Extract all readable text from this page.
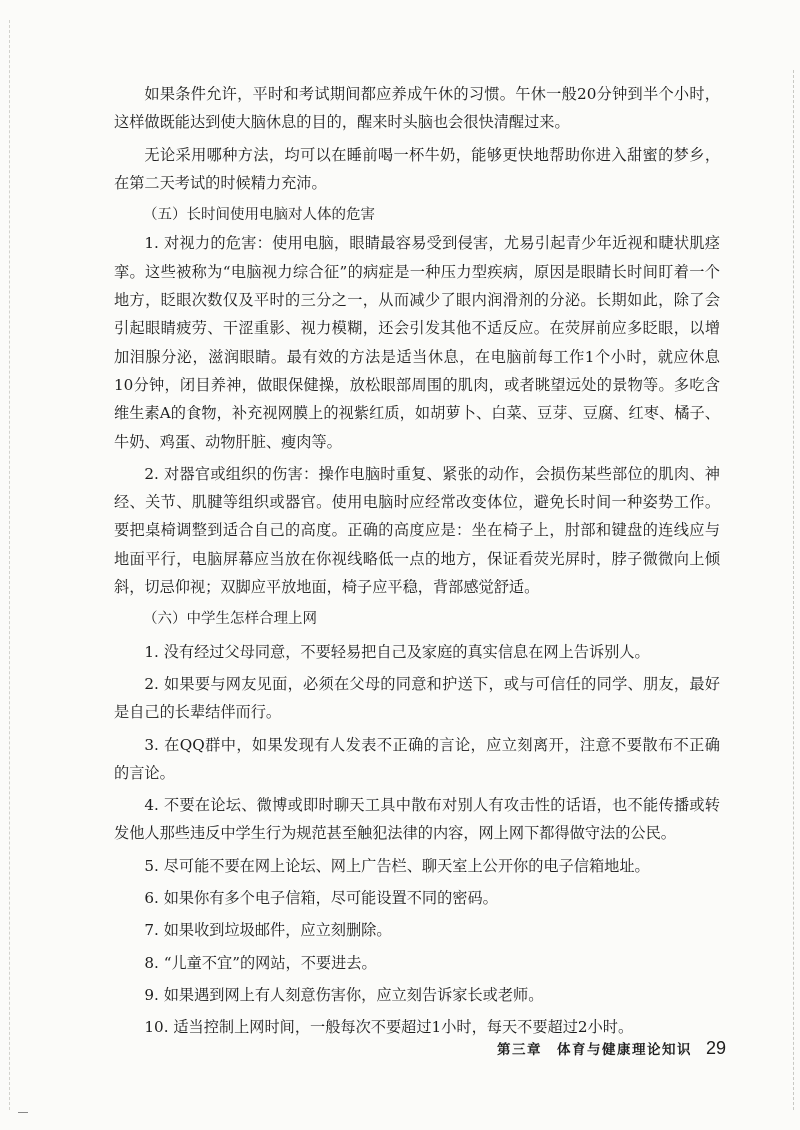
如果条件允许，平时和考试期间都应养成午休的习惯。午休一般20分钟到半个小时，这样做既能达到使大脑休息的目的，醒来时头脑也会很快清醒过来。

无论采用哪种方法，均可以在睡前喝一杯牛奶，能够更快地帮助你进入甜蜜的梦乡，在第二天考试的时候精力充沛。

（五）长时间使用电脑对人体的危害

1. 对视力的危害：使用电脑，眼睛最容易受到侵害，尤易引起青少年近视和睫状肌痉挛。这些被称为“电脑视力综合征”的病症是一种压力型疾病，原因是眼睛长时间盯着一个地方，眨眼次数仅及平时的三分之一，从而减少了眼内润滑剂的分泌。长期如此，除了会引起眼睛疲劳、干涩重影、视力模糊，还会引发其他不适反应。在荧屏前应多眨眼，以增加泪腺分泌，滋润眼睛。最有效的方法是适当休息，在电脑前每工作1个小时，就应休息10分钟，闭目养神，做眼保健操，放松眼部周围的肌肉，或者眺望远处的景物等。多吃含维生素A的食物，补充视网膜上的视紫红质，如胡萝卜、白菜、豆芽、豆腐、红枣、橘子、牛奶、鸡蛋、动物肝脏、瘦肉等。

2. 对器官或组织的伤害：操作电脑时重复、紧张的动作，会损伤某些部位的肌肉、神经、关节、肌腱等组织或器官。使用电脑时应经常改变体位，避免长时间一种姿势工作。要把桌椅调整到适合自己的高度。正确的高度应是：坐在椅子上，肘部和键盘的连线应与地面平行，电脑屏幕应当放在你视线略低一点的地方，保证看荧光屏时，脖子微微向上倾斜，切忌仰视；双脚应平放地面，椅子应平稳，背部感觉舒适。

（六）中学生怎样合理上网

1. 没有经过父母同意，不要轻易把自己及家庭的真实信息在网上告诉别人。

2. 如果要与网友见面，必须在父母的同意和护送下，或与可信任的同学、朋友，最好是自己的长辈结伴而行。

3. 在QQ群中，如果发现有人发表不正确的言论，应立刻离开，注意不要散布不正确的言论。

4. 不要在论坛、微博或即时聊天工具中散布对别人有攻击性的话语，也不能传播或转发他人那些违反中学生行为规范甚至触犯法律的内容，网上网下都得做守法的公民。

5. 尽可能不要在网上论坛、网上广告栏、聊天室上公开你的电子信箱地址。

6. 如果你有多个电子信箱，尽可能设置不同的密码。

7. 如果收到垃圾邮件，应立刻删除。

8. “儿童不宜”的网站，不要进去。

9. 如果遇到网上有人刻意伤害你，应立刻告诉家长或老师。

10. 适当控制上网时间，一般每次不要超过1小时，每天不要超过2小时。

第三章　体育与健康理论知识 29
